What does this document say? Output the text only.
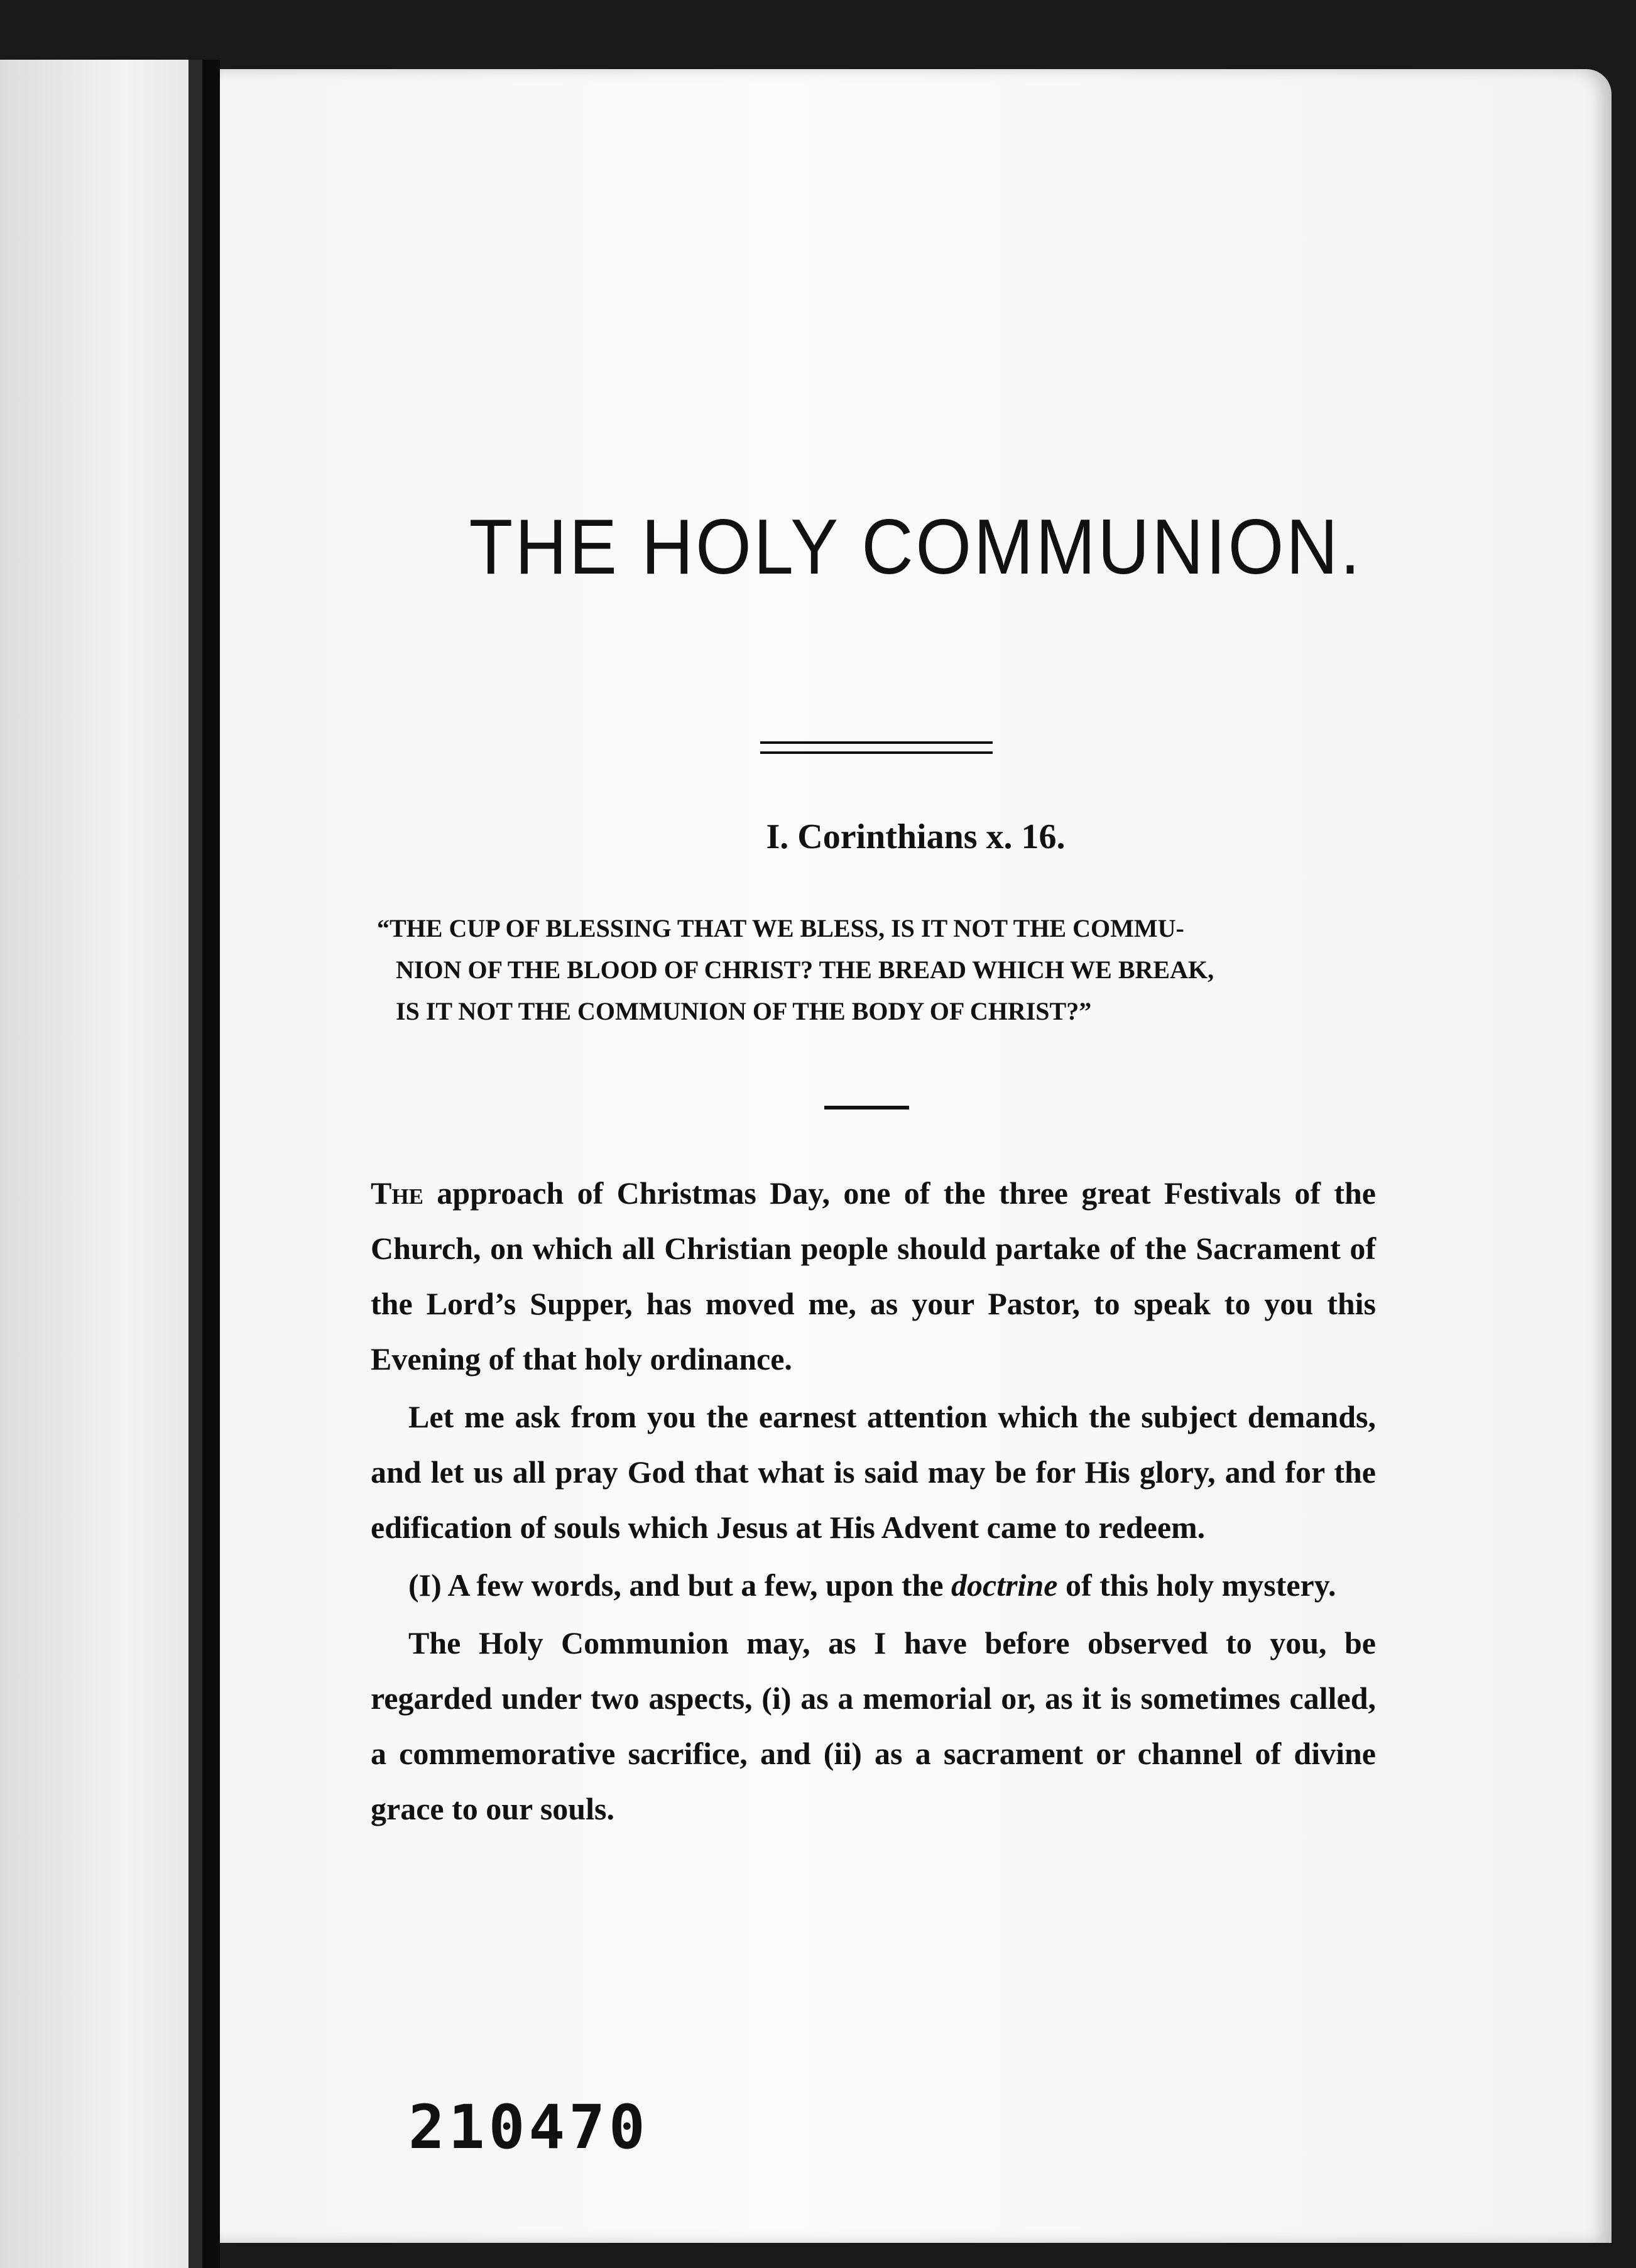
THE HOLY COMMUNION.
I. Corinthians x. 16.
“THE CUP OF BLESSING THAT WE BLESS, IS IT NOT THE COMMU-
NION OF THE BLOOD OF CHRIST? THE BREAD WHICH WE BREAK,
IS IT NOT THE COMMUNION OF THE BODY OF CHRIST?”

The approach of Christmas Day, one of the three great Festivals of the Church, on which all Christian people should partake of the Sacrament of the Lord’s Supper, has moved me, as your Pastor, to speak to you this Evening of that holy ordinance.

Let me ask from you the earnest attention which the subject demands, and let us all pray God that what is said may be for His glory, and for the edification of souls which Jesus at His Advent came to redeem.

(I) A few words, and but a few, upon the doctrine of this holy mystery.

The Holy Communion may, as I have before observed to you, be regarded under two aspects, (i) as a memorial or, as it is sometimes called, a commemorative sacrifice, and (ii) as a sacrament or channel of divine grace to our souls.

210470
